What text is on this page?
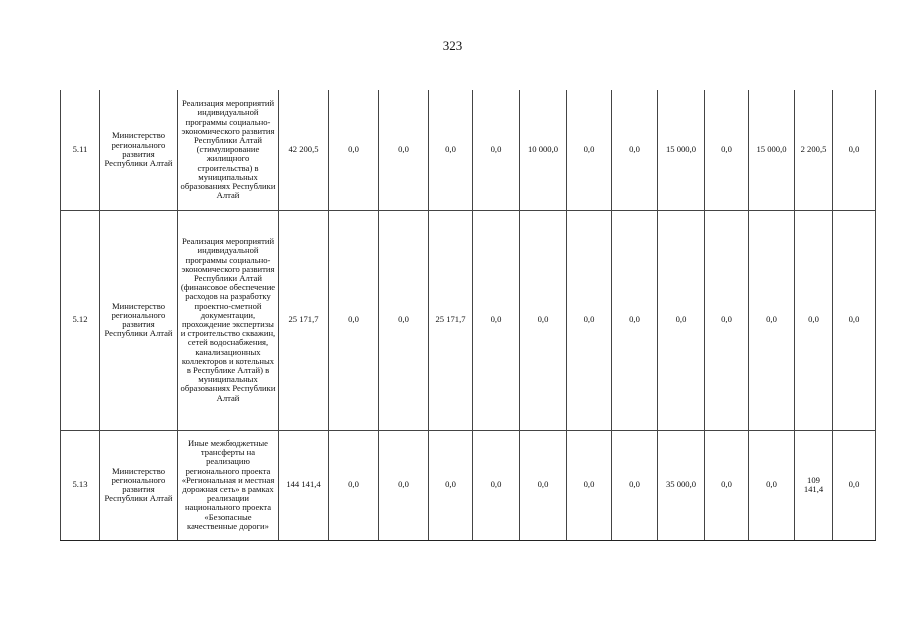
323
5.11	Министерство регионального развития Республики Алтай	Реализация мероприятий индивидуальной программы социально-экономического развития Республики Алтай (стимулирование жилищного строительства) в муниципальных образованиях Республики Алтай	42 200,5	0,0	0,0	0,0	0,0	10 000,0	0,0	0,0	15 000,0	0,0	15 000,0	2 200,5	0,0
5.12	Министерство регионального развития Республики Алтай	Реализация мероприятий индивидуальной программы социально-экономического развития Республики Алтай (финансовое обеспечение расходов на разработку проектно-сметной документации, прохождение экспертизы и строительство скважин, сетей водоснабжения, канализационных коллекторов и котельных в Республике Алтай) в муниципальных образованиях Республики Алтай	25 171,7	0,0	0,0	25 171,7	0,0	0,0	0,0	0,0	0,0	0,0	0,0	0,0	0,0
5.13	Министерство регионального развития Республики Алтай	Иные межбюджетные трансферты на реализацию регионального проекта «Региональная и местная дорожная сеть» в рамках реализации национального проекта «Безопасные качественные дороги»	144 141,4	0,0	0,0	0,0	0,0	0,0	0,0	0,0	35 000,0	0,0	0,0	109 141,4	0,0
